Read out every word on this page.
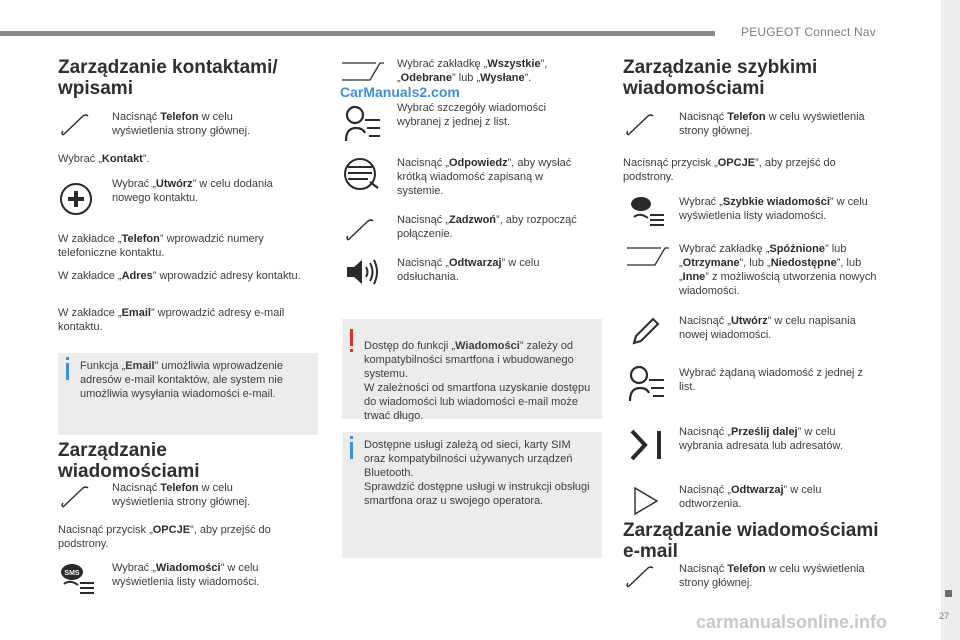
PEUGEOT Connect Nav
27
CarManuals2.com
carmanualsonline.info
Zarządzanie kontaktami/ wpisami
Nacisnąć Telefon w celu wyświetlenia strony głównej.
Wybrać „Kontakt”.
Wybrać „Utwórz” w celu dodania nowego kontaktu.
W zakładce „Telefon” wprowadzić numery telefoniczne kontaktu.
W zakładce „Adres” wprowadzić adresy kontaktu.
W zakładce „Email” wprowadzić adresy e-mail kontaktu.
Funkcja „Email” umożliwia wprowadzenie adresów e-mail kontaktów, ale system nie umożliwia wysyłania wiadomości e-mail.
Zarządzanie wiadomościami
Nacisnąć Telefon w celu wyświetlenia strony głównej.
Nacisnąć przycisk „OPCJE”, aby przejść do podstrony.
SMS	Wybrać „Wiadomości” w celu wyświetlenia listy wiadomości.
Wybrać zakładkę „Wszystkie”, „Odebrane” lub „Wysłane”.
Wybrać szczegóły wiadomości wybranej z jednej z list.
Nacisnąć „Odpowiedz”, aby wysłać krótką wiadomość zapisaną w systemie.
Nacisnąć „Zadzwoń”, aby rozpocząć połączenie.
Nacisnąć „Odtwarzaj” w celu odsłuchania.

Dostęp do funkcji „Wiadomości” zależy od kompatybilności smartfona i wbudowanego systemu.
W zależności od smartfona uzyskanie dostępu do wiadomości lub wiadomości e-mail może trwać długo.

Dostępne usługi zależą od sieci, karty SIM oraz kompatybilności używanych urządzeń Bluetooth.
Sprawdzić dostępne usługi w instrukcji obsługi smartfona oraz u swojego operatora.
Zarządzanie szybkimi wiadomościami
Nacisnąć Telefon w celu wyświetlenia strony głównej.
Nacisnąć przycisk „OPCJE”, aby przejść do podstrony.
Wybrać „Szybkie wiadomości” w celu wyświetlenia listy wiadomości.
Wybrać zakładkę „Spóźnione” lub „Otrzymane”, lub „Niedostępne”, lub „Inne” z możliwością utworzenia nowych wiadomości.
Nacisnąć „Utwórz” w celu napisania nowej wiadomości.
Wybrać żądaną wiadomość z jednej z list.
Nacisnąć „Prześlij dalej” w celu wybrania adresata lub adresatów.
Nacisnąć „Odtwarzaj” w celu odtworzenia.
Zarządzanie wiadomościami e-mail
Nacisnąć Telefon w celu wyświetlenia strony głównej.
